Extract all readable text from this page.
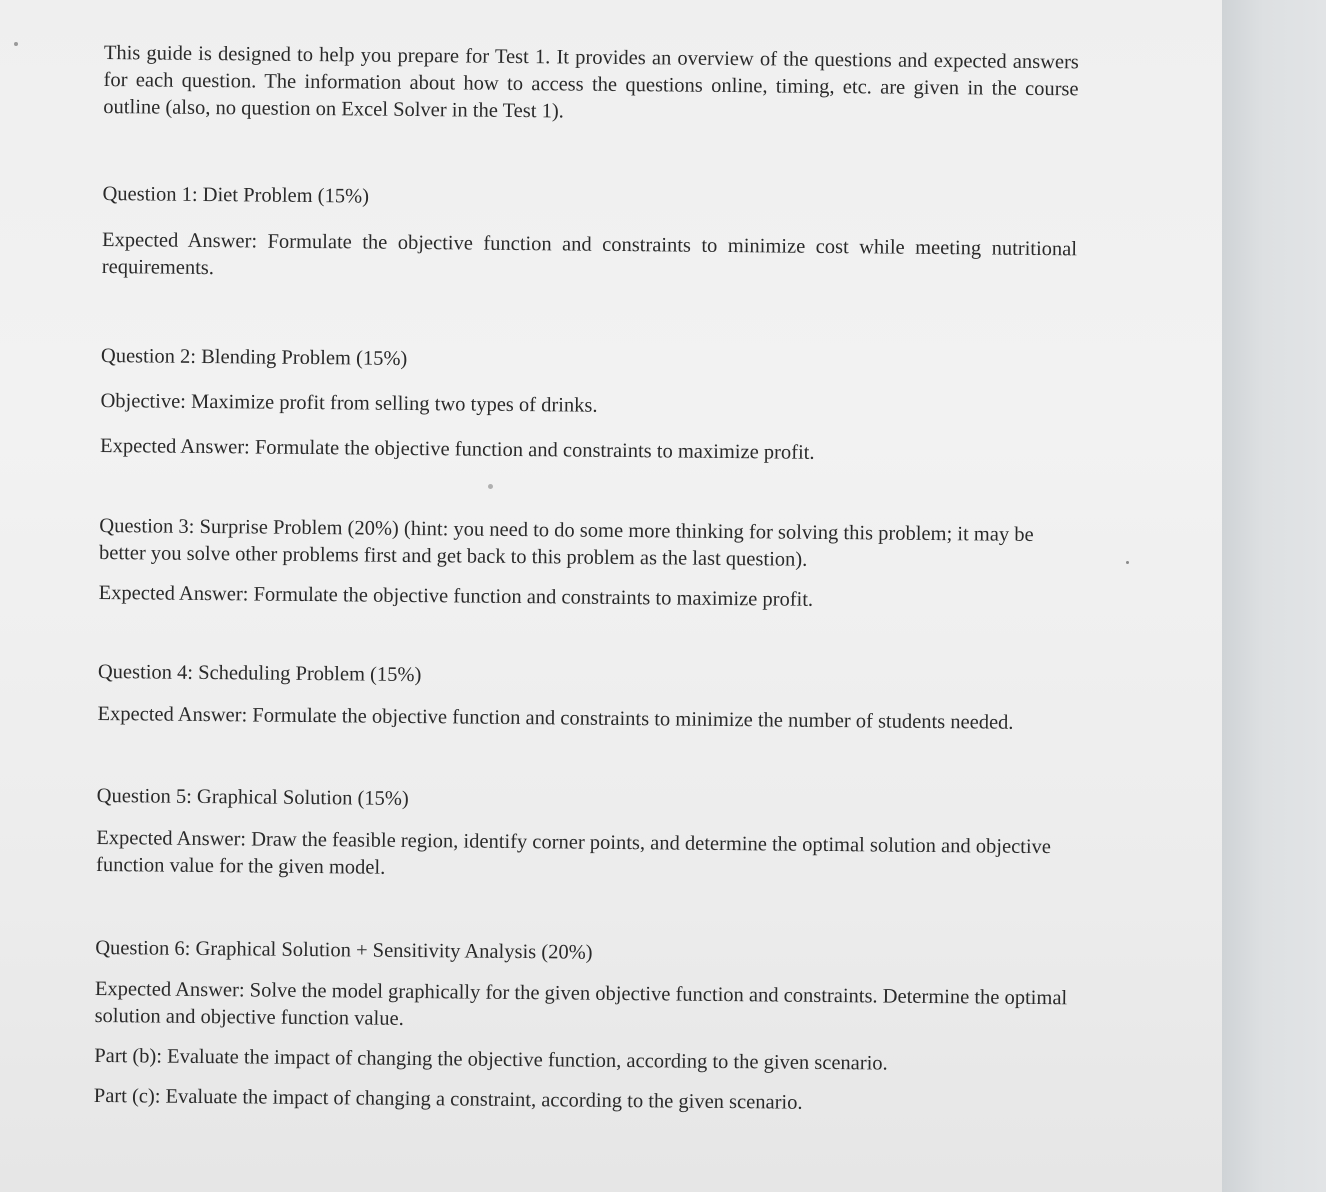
This guide is designed to help you prepare for Test 1. It provides an overview of the questions and expected answers for each question. The information about how to access the questions online, timing, etc. are given in the course outline (also, no question on Excel Solver in the Test 1).

Question 1: Diet Problem (15%)

Expected Answer: Formulate the objective function and constraints to minimize cost while meeting nutritional requirements.

Question 2: Blending Problem (15%)

Objective: Maximize profit from selling two types of drinks.

Expected Answer: Formulate the objective function and constraints to maximize profit.

Question 3: Surprise Problem (20%) (hint: you need to do some more thinking for solving this problem; it may be better you solve other problems first and get back to this problem as the last question).

Expected Answer: Formulate the objective function and constraints to maximize profit.

Question 4: Scheduling Problem (15%)

Expected Answer: Formulate the objective function and constraints to minimize the number of students needed.

Question 5: Graphical Solution (15%)

Expected Answer: Draw the feasible region, identify corner points, and determine the optimal solution and objective function value for the given model.

Question 6: Graphical Solution + Sensitivity Analysis (20%)

Expected Answer: Solve the model graphically for the given objective function and constraints. Determine the optimal solution and objective function value.

Part (b): Evaluate the impact of changing the objective function, according to the given scenario.

Part (c): Evaluate the impact of changing a constraint, according to the given scenario.
